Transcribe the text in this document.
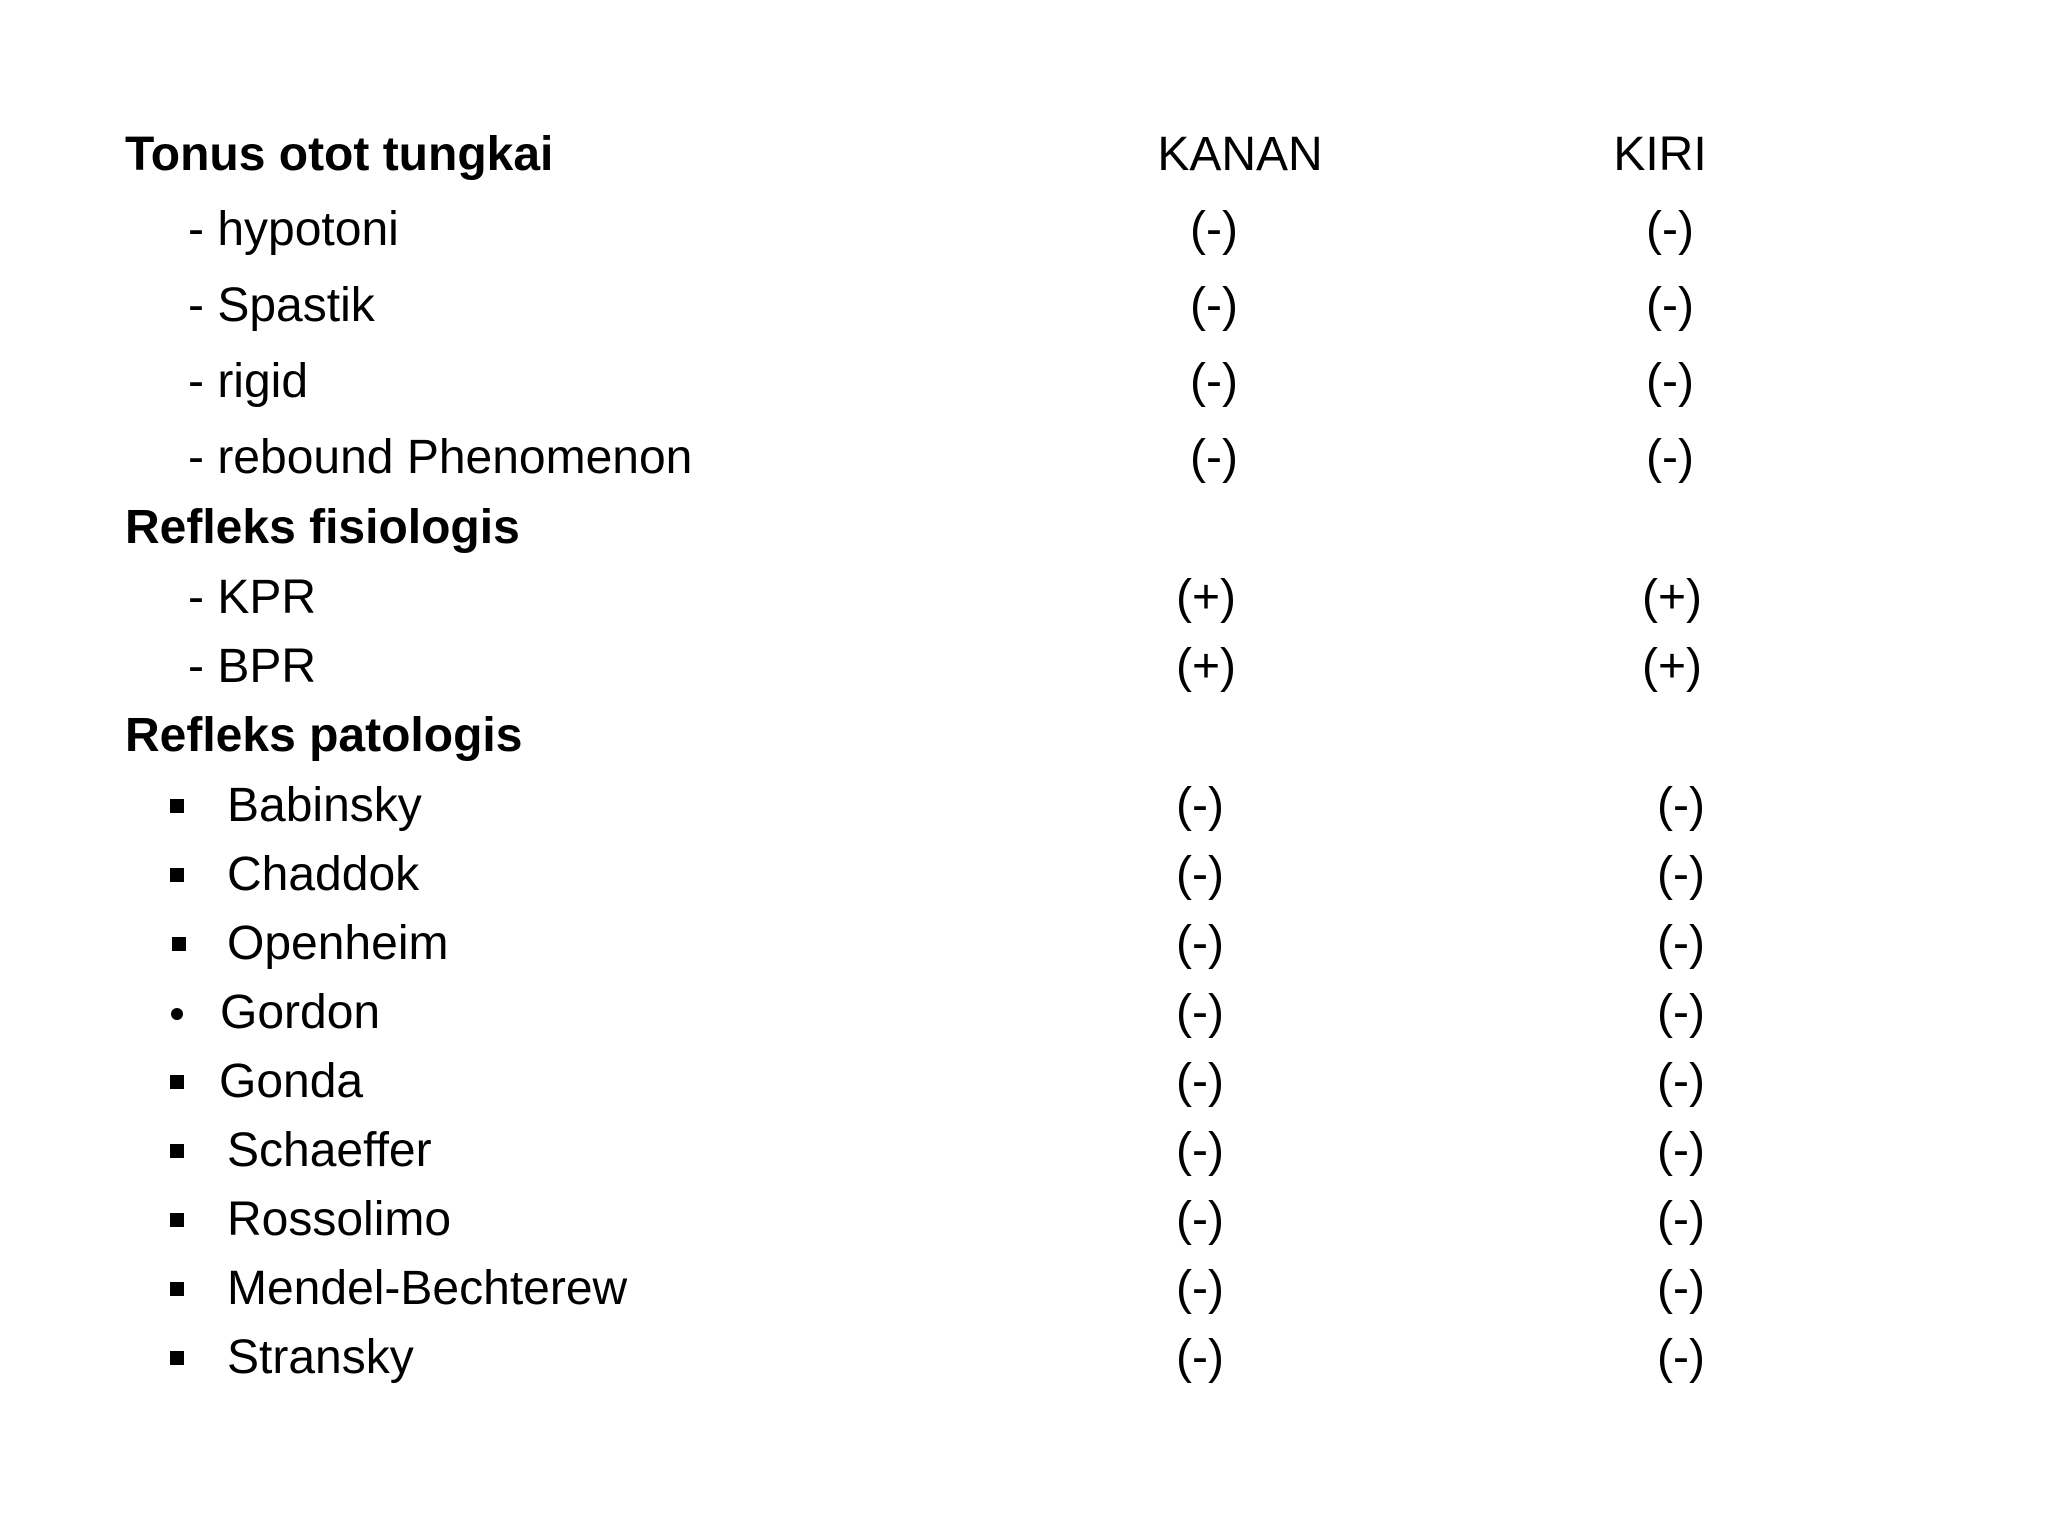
Tonus otot tungkai	KANAN	KIRI
- hypotoni	(-)	(-)
- Spastik	(-)	(-)
- rigid	(-)	(-)
- rebound Phenomenon	(-)	(-)
Refleks fisiologis
- KPR	(+)	(+)
- BPR	(+)	(+)
Refleks patologis
Babinsky	(-)	(-)
Chaddok	(-)	(-)
Openheim	(-)	(-)
Gordon	(-)	(-)
Gonda	(-)	(-)
Schaeffer	(-)	(-)
Rossolimo	(-)	(-)
Mendel-Bechterew	(-)	(-)
Stransky	(-)	(-)
